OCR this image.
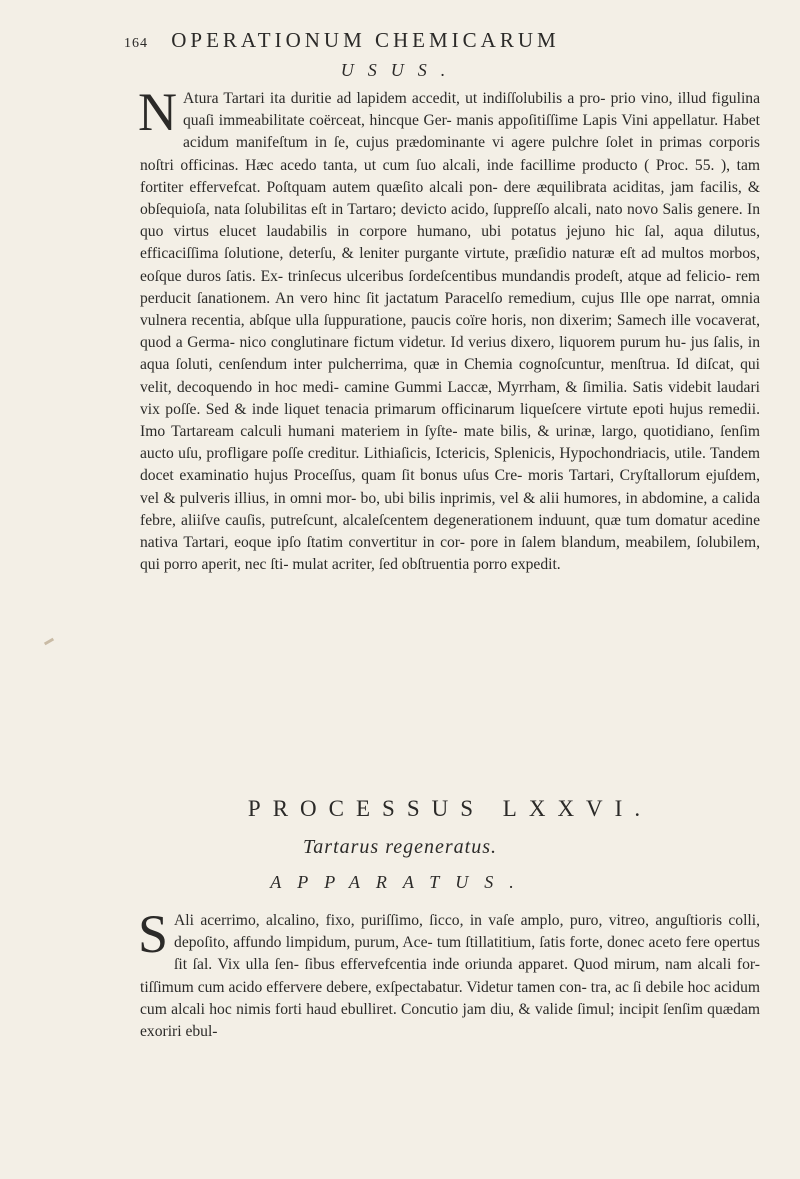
164 OPERATIONUM CHEMICARUM
USUS.

N Atura Tartari ita duritie ad lapidem accedit, ut indiſſolubilis a pro- prio vino, illud figulina quaſi immeabilitate coërceat, hincque Ger- manis appoſitiſſime Lapis Vini appellatur. Habet acidum manifeſtum in ſe, cujus prædominante vi agere pulchre ſolet in primas corporis noſtri officinas. Hæc acedo tanta, ut cum ſuo alcali, inde facillime producto ( Proc. 55. ), tam fortiter effervefcat. Poſtquam autem quæſito alcali pon- dere æquilibrata aciditas, jam facilis, & obſequioſa, nata ſolubilitas eſt in Tartaro; devicto acido, ſuppreſſo alcali, nato novo Salis genere. In quo virtus elucet laudabilis in corpore humano, ubi potatus jejuno hic ſal, aqua dilutus, efficaciſſima ſolutione, deterſu, & leniter purgante virtute, præſidio naturæ eſt ad multos morbos, eoſque duros ſatis. Ex- trinſecus ulceribus ſordeſcentibus mundandis prodeſt, atque ad felicio- rem perducit ſanationem. An vero hinc ſit jactatum Paracelſo remedium, cujus Ille ope narrat, omnia vulnera recentia, abſque ulla ſuppuratione, paucis coïre horis, non dixerim; Samech ille vocaverat, quod a Germa- nico conglutinare fictum videtur. Id verius dixero, liquorem purum hu- jus ſalis, in aqua ſoluti, cenſendum inter pulcherrima, quæ in Chemia cognoſcuntur, menſtrua. Id diſcat, qui velit, decoquendo in hoc medi- camine Gummi Laccæ, Myrrham, & ſimilia. Satis videbit laudari vix poſſe. Sed & inde liquet tenacia primarum officinarum liqueſcere virtute epoti hujus remedii. Imo Tartaream calculi humani materiem in ſyſte- mate bilis, & urinæ, largo, quotidiano, ſenſim aucto uſu, profligare poſſe creditur. Lithiaſicis, Ictericis, Splenicis, Hypochondriacis, utile. Tandem docet examinatio hujus Proceſſus, quam ſit bonus uſus Cre- moris Tartari, Cryſtallorum ejuſdem, vel & pulveris illius, in omni mor- bo, ubi bilis inprimis, vel & alii humores, in abdomine, a calida febre, aliiſve cauſis, putreſcunt, alcaleſcentem degenerationem induunt, quæ tum domatur acedine nativa Tartari, eoque ipſo ſtatim convertitur in cor- pore in ſalem blandum, meabilem, ſolubilem, qui porro aperit, nec ſti- mulat acriter, ſed obſtruentia porro expedit.

PROCESSUS LXXVI.
Tartarus regeneratus.
APPARATUS.

S Ali acerrimo, alcalino, fixo, puriſſimo, ſicco, in vaſe amplo, puro, vitreo, anguſtioris colli, depoſito, affundo limpidum, purum, Ace- tum ſtillatitium, ſatis forte, donec aceto fere opertus ſit ſal. Vix ulla ſen- ſibus effervefcentia inde oriunda apparet. Quod mirum, nam alcali for- tiſſimum cum acido effervere debere, exſpectabatur. Videtur tamen con- tra, ac ſi debile hoc acidum cum alcali hoc nimis forti haud ebulliret. Concutio jam diu, & valide ſimul; incipit ſenſim quædam exoriri ebul-
